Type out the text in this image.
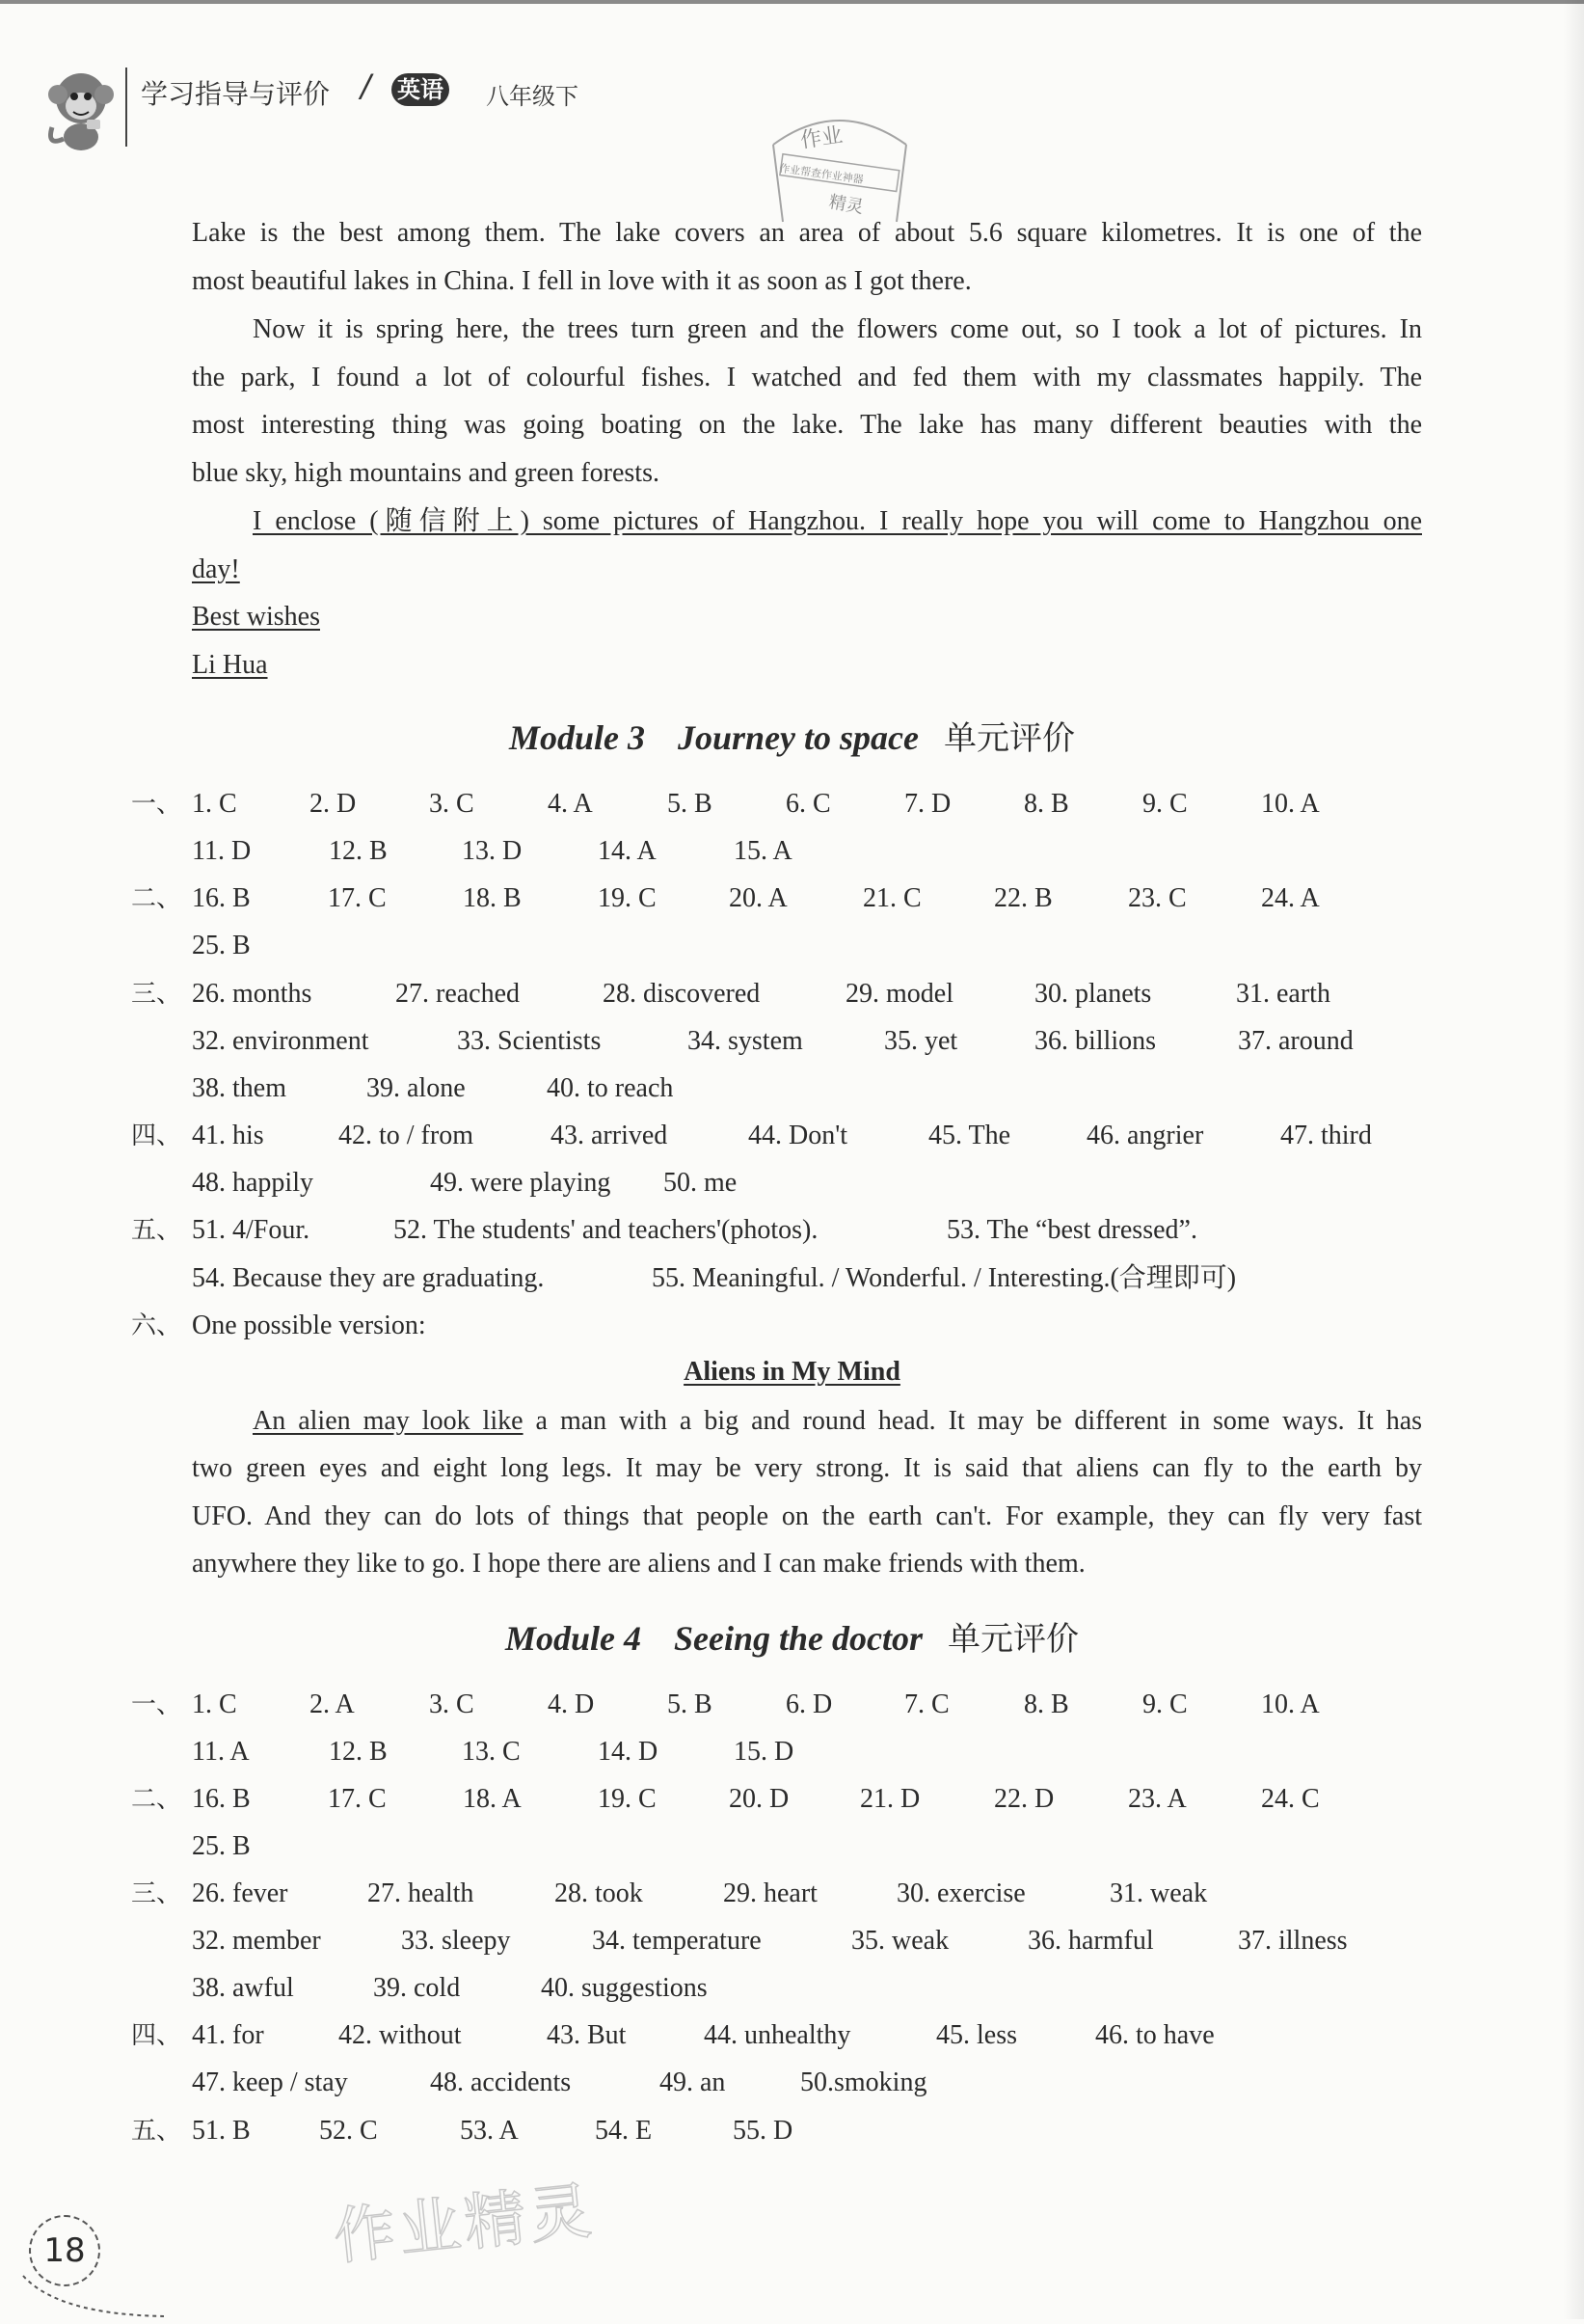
学习指导与评价 / 英语 八年级下
作业
作业帮查作业神器
精灵

Lake is the best among them. The lake covers an area of about 5.6 square kilometres. It is one of the

most beautiful lakes in China. I fell in love with it as soon as I got there.

Now it is spring here, the trees turn green and the flowers come out, so I took a lot of pictures. In

the park, I found a lot of colourful fishes. I watched and fed them with my classmates happily. The

most interesting thing was going boating on the lake. The lake has many different beauties with the

blue sky, high mountains and green forests.

I enclose (随信附上) some pictures of Hangzhou. I really hope you will come to Hangzhou one

day!

Best wishes

Li Hua

Module 3 Journey to space 单元评价
一、 1. C	2. D	3. C	4. A	5. B	6. C	7. D	8. B	9. C	10. A
11. D	12. B	13. D	14. A	15. A
二、 16. B	17. C	18. B	19. C	20. A	21. C	22. B	23. C	24. A
25. B
三、 26. months	27. reached	28. discovered	29. model	30. planets	31. earth
32. environment	33. Scientists	34. system	35. yet	36. billions	37. around
38. them	39. alone	40. to reach
四、 41. his	42. to / from	43. arrived	44. Don't	45. The	46. angrier	47. third
48. happily	49. were playing 50. me
五、 51. 4/Four.	52. The students' and teachers'(photos).	53. The “best dressed”.
54. Because they are graduating.	55. Meaningful. / Wonderful. / Interesting.(合理即可)
六、 One possible version:
Aliens in My Mind

An alien may look like a man with a big and round head. It may be different in some ways. It has

two green eyes and eight long legs. It may be very strong. It is said that aliens can fly to the earth by

UFO. And they can do lots of things that people on the earth can't. For example, they can fly very fast

anywhere they like to go. I hope there are aliens and I can make friends with them.

Module 4 Seeing the doctor 单元评价
一、 1. C	2. A	3. C	4. D	5. B	6. D	7. C	8. B	9. C	10. A
11. A	12. B	13. C	14. D	15. D
二、 16. B	17. C	18. A	19. C	20. D	21. D	22. D	23. A	24. C
25. B
三、 26. fever	27. health	28. took	29. heart	30. exercise	31. weak
32. member	33. sleepy	34. temperature	35. weak	36. harmful	37. illness
38. awful	39. cold	40. suggestions
四、 41. for	42. without	43. But	44. unhealthy	45. less	46. to have
47. keep / stay	48. accidents	49. an	50.smoking
五、 51. B	52. C	53. A	54. E	55. D
作业精灵
18
